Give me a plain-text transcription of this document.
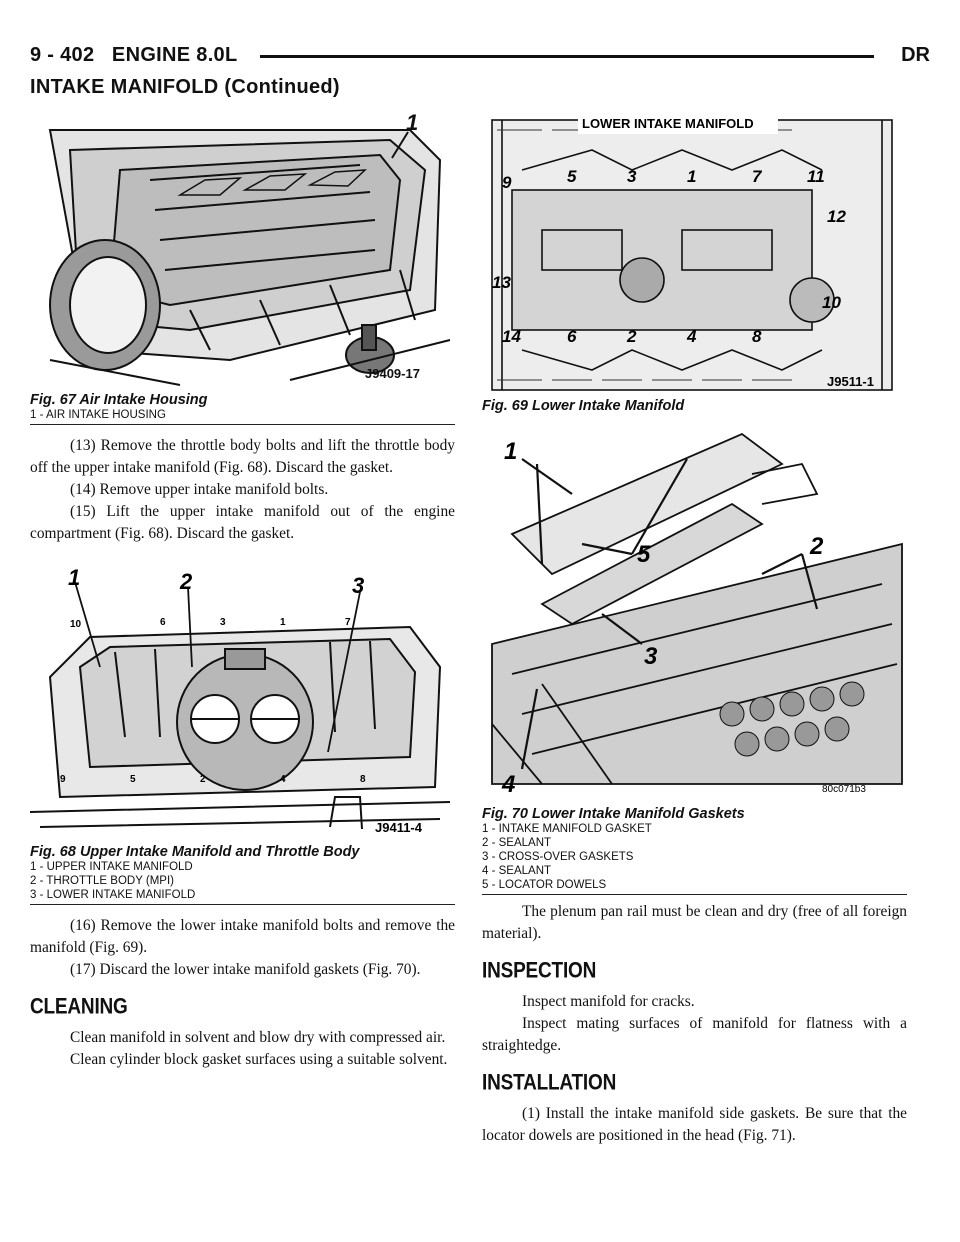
9 - 402   ENGINE 8.0L	DR
INTAKE MANIFOLD (Continued)
1
J9409-17
Fig. 67 Air Intake Housing
1 - AIR INTAKE HOUSING

(13) Remove the throttle body bolts and lift the throttle body off the upper intake manifold (Fig. 68). Discard the gasket.

(14) Remove upper intake manifold bolts.

(15) Lift the upper intake manifold out of the engine compartment (Fig. 68). Discard the gasket.

1	2	3
10	6	3	1	7
9	5	2	4	8
J9411-4
Fig. 68 Upper Intake Manifold and Throttle Body
1 - UPPER INTAKE MANIFOLD
2 - THROTTLE BODY (MPI)
3 - LOWER INTAKE MANIFOLD

(16) Remove the lower intake manifold bolts and remove the manifold (Fig. 69).

(17) Discard the lower intake manifold gaskets (Fig. 70).

CLEANING

Clean manifold in solvent and blow dry with compressed air.

Clean cylinder block gasket surfaces using a suitable solvent.

LOWER INTAKE MANIFOLD
9	5	3	1	7	11
14	6	2	4	8
12
13
10
J9511-1
Fig. 69 Lower Intake Manifold
1
5	2
3
4	80c071b3
Fig. 70 Lower Intake Manifold Gaskets
1 - INTAKE MANIFOLD GASKET
2 - SEALANT
3 - CROSS-OVER GASKETS
4 - SEALANT
5 - LOCATOR DOWELS

The plenum pan rail must be clean and dry (free of all foreign material).

INSPECTION

Inspect manifold for cracks.

Inspect mating surfaces of manifold for flatness with a straightedge.

INSTALLATION

(1) Install the intake manifold side gaskets. Be sure that the locator dowels are positioned in the head (Fig. 71).
